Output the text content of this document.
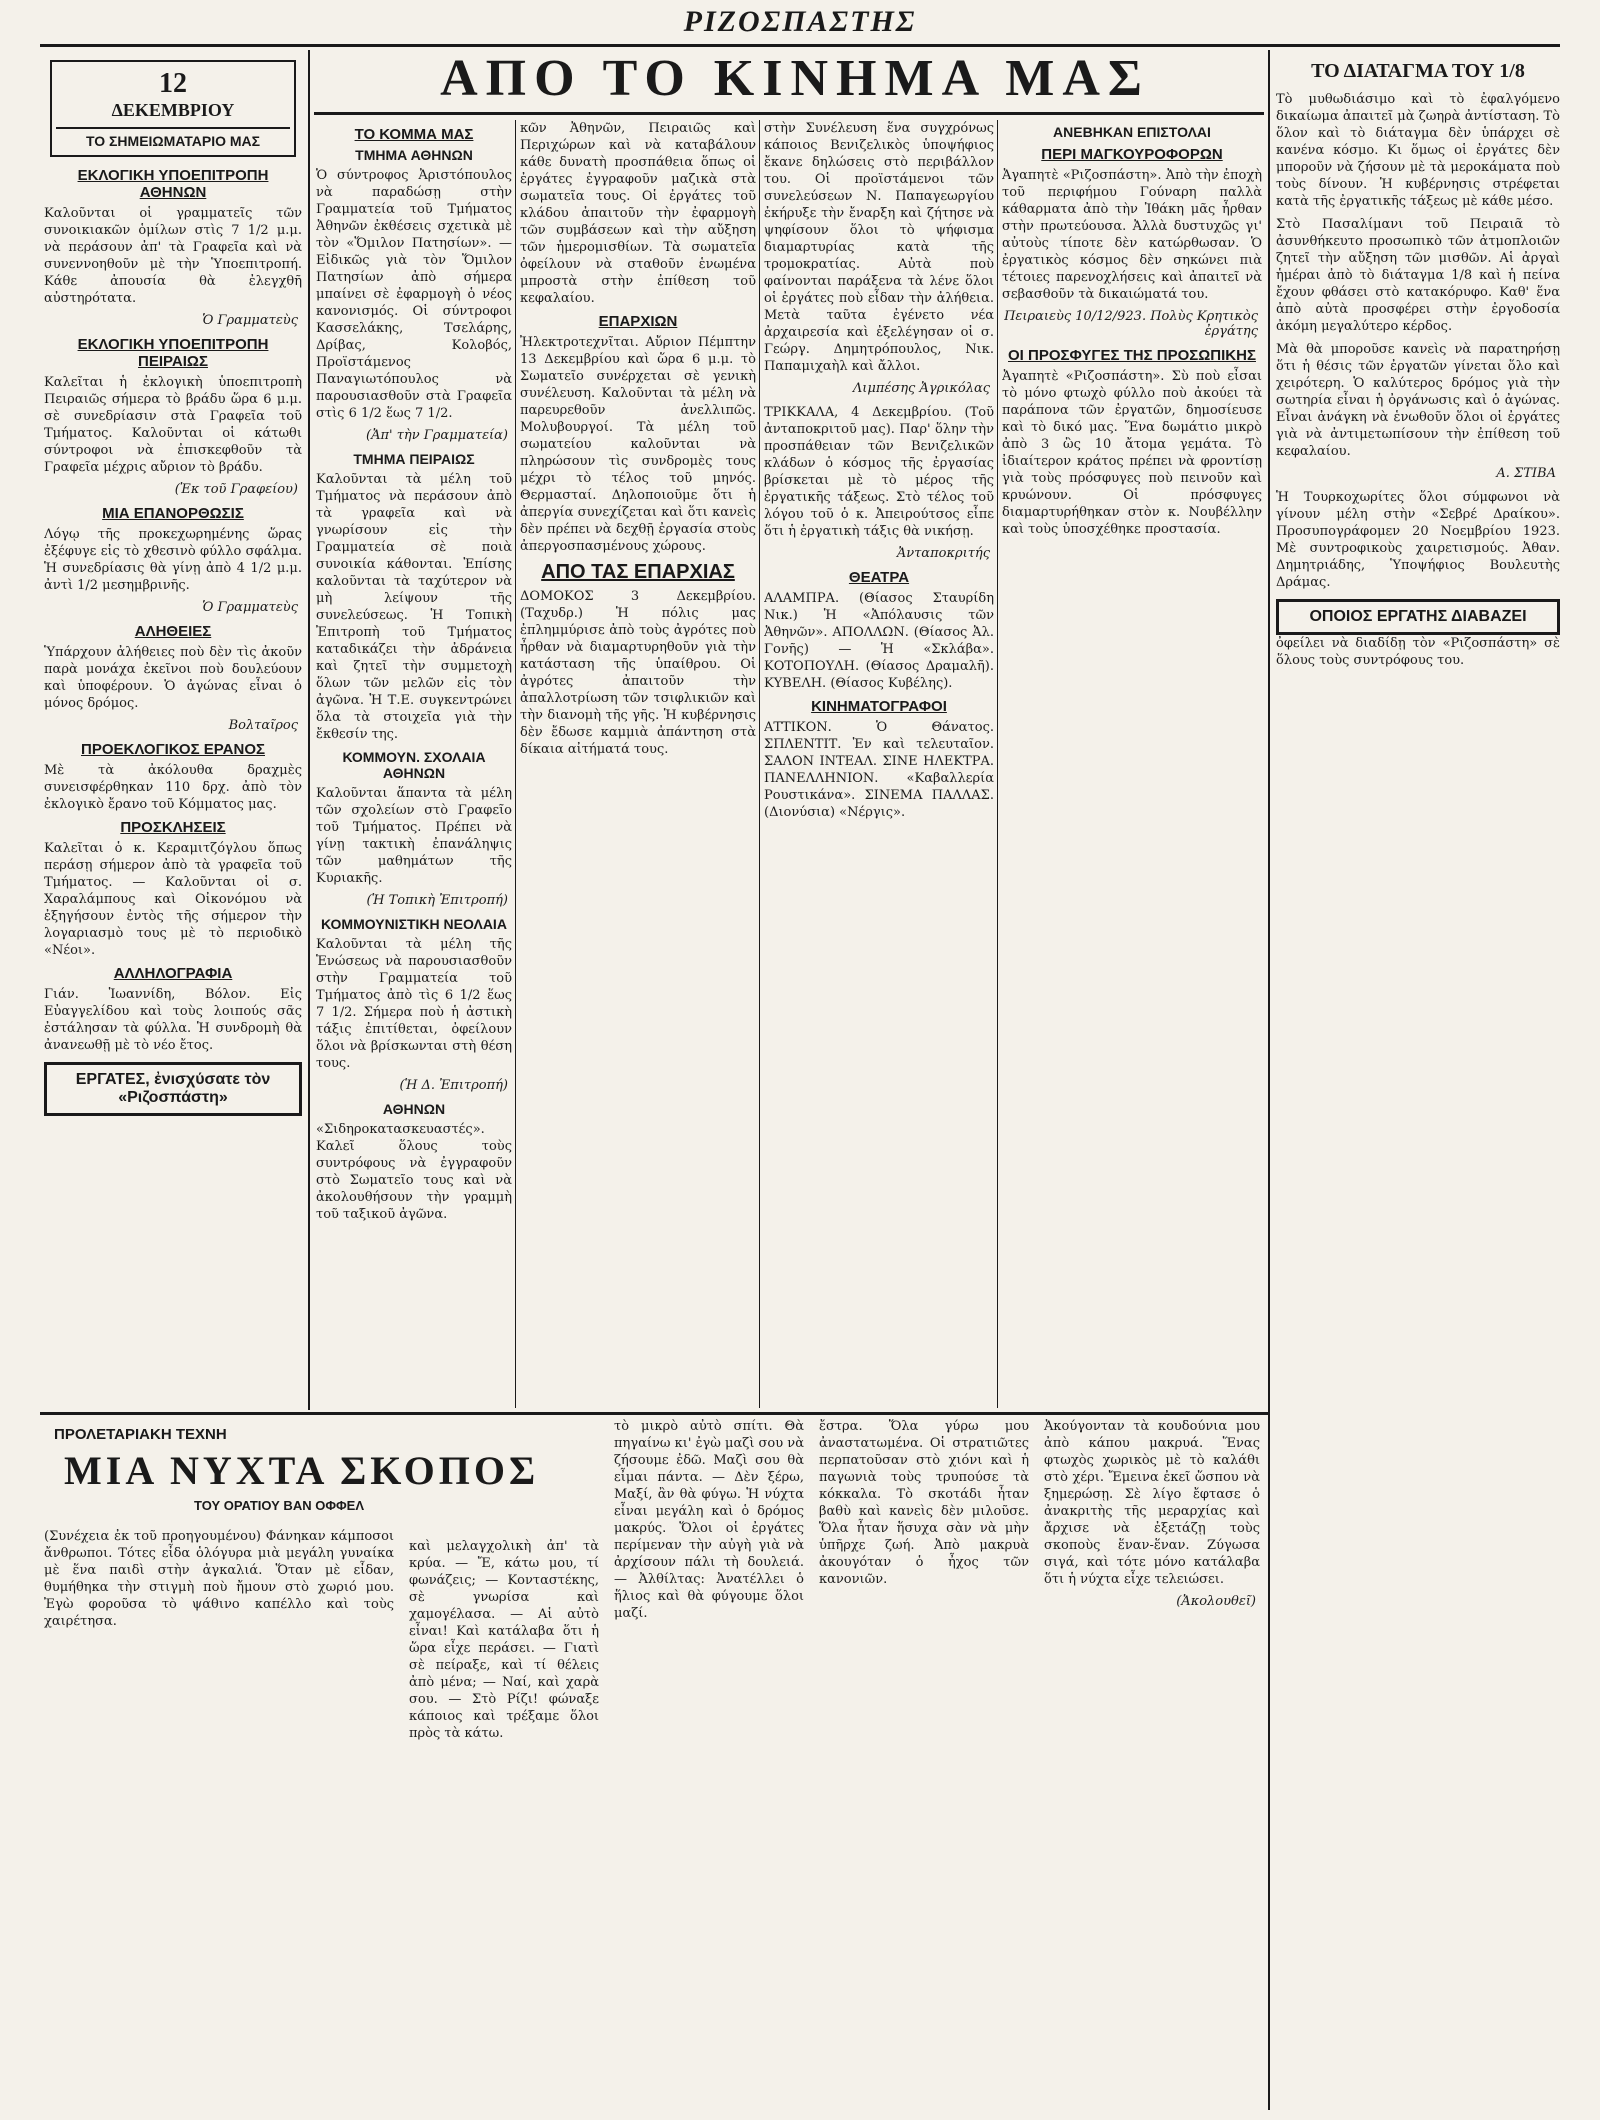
ΡΙΖΟΣΠΑΣΤΗΣ
12
ΔΕΚΕΜΒΡΙΟΥ
ΤΟ ΣΗΜΕΙΩΜΑΤΑΡΙΟ ΜΑΣ
ΕΚΛΟΓΙΚΗ ΥΠΟΕΠΙΤΡΟΠΗ ΑΘΗΝΩΝ

Καλοῦνται οἱ γραμματεῖς τῶν συνοικιακῶν ὁμίλων στὶς 7 1/2 μ.μ. νὰ περάσουν ἀπ' τὰ Γραφεῖα καὶ νὰ συνεννοηθοῦν μὲ τὴν Ὑποεπιτροπή. Κάθε ἀπουσία θὰ ἐλεγχθῆ αὐστηρότατα.

Ὁ Γραμματεὺς
ΕΚΛΟΓΙΚΗ ΥΠΟΕΠΙΤΡΟΠΗ ΠΕΙΡΑΙΩΣ

Καλεῖται ἡ ἐκλογικὴ ὑποεπιτροπὴ Πειραιῶς σήμερα τὸ βράδυ ὥρα 6 μ.μ. σὲ συνεδρίασιν στὰ Γραφεῖα τοῦ Τμήματος. Καλοῦνται οἱ κάτωθι σύντροφοι νὰ ἐπισκεφθοῦν τὰ Γραφεῖα μέχρις αὔριον τὸ βράδυ.

(Ἐκ τοῦ Γραφείου)
ΜΙΑ ΕΠΑΝΟΡΘΩΣΙΣ

Λόγῳ τῆς προκεχωρημένης ὥρας ἐξέφυγε εἰς τὸ χθεσινὸ φύλλο σφάλμα. Ἡ συνεδρίασις θὰ γίνῃ ἀπὸ 4 1/2 μ.μ. ἀντὶ 1/2 μεσημβρινῆς.

Ὁ Γραμματεὺς
ΑΛΗΘΕΙΕΣ

Ὑπάρχουν ἀλήθειες ποὺ δὲν τὶς ἀκοῦν παρὰ μονάχα ἐκεῖνοι ποὺ δουλεύουν καὶ ὑποφέρουν. Ὁ ἀγώνας εἶναι ὁ μόνος δρόμος.

Βολταῖρος
ΠΡΟΕΚΛΟΓΙΚΟΣ ΕΡΑΝΟΣ

Μὲ τὰ ἀκόλουθα δραχμὲς συνεισφέρθηκαν 110 δρχ. ἀπὸ τὸν ἐκλογικὸ ἔρανο τοῦ Κόμματος μας.

ΠΡΟΣΚΛΗΣΕΙΣ

Καλεῖται ὁ κ. Κεραμιτζόγλου ὅπως περάσῃ σήμερον ἀπὸ τὰ γραφεῖα τοῦ Τμήματος. — Καλοῦνται οἱ σ. Χαραλάμπους καὶ Οἰκονόμου νὰ ἐξηγήσουν ἐντὸς τῆς σήμερον τὴν λογαριασμὸ τους μὲ τὸ περιοδικὸ «Νέοι».

ΑΛΛΗΛΟΓΡΑΦΙΑ

Γιάν. Ἰωαννίδη, Βόλον. Εἰς Εὐαγγελίδου καὶ τοὺς λοιπούς σᾶς ἐστάλησαν τὰ φύλλα. Ἡ συνδρομὴ θὰ ἀνανεωθῇ μὲ τὸ νέο ἔτος.

ΕΡΓΑΤΕΣ, ἐνισχύσατε τὸν «Ριζοσπάστη»
ΑΠΟ ΤΟ ΚΙΝΗΜΑ ΜΑΣ
ΤΟ ΚΟΜΜΑ ΜΑΣ
ΤΜΗΜΑ ΑΘΗΝΩΝ

Ὁ σύντροφος Ἀριστόπουλος νὰ παραδώσῃ στὴν Γραμματεία τοῦ Τμήματος Ἀθηνῶν ἐκθέσεις σχετικὰ μὲ τὸν «Ὅμιλον Πατησίων». — Εἰδικῶς γιὰ τὸν Ὅμιλον Πατησίων ἀπὸ σήμερα μπαίνει σὲ ἐφαρμογὴ ὁ νέος κανονισμός. Οἱ σύντροφοι Κασσελάκης, Τσελάρης, Δρίβας, Κολοβός, Προϊστάμενος Παναγιωτόπουλος νὰ παρουσιασθοῦν στὰ Γραφεῖα στὶς 6 1/2 ἕως 7 1/2.

(Ἀπ' τὴν Γραμματεία)
ΤΜΗΜΑ ΠΕΙΡΑΙΩΣ

Καλοῦνται τὰ μέλη τοῦ Τμήματος νὰ περάσουν ἀπὸ τὰ γραφεῖα καὶ νὰ γνωρίσουν εἰς τὴν Γραμματεία σὲ ποιὰ συνοικία κάθονται. Ἐπίσης καλοῦνται τὰ ταχύτερον νὰ μὴ λείψουν τῆς συνελεύσεως. Ἡ Τοπικὴ Ἐπιτροπὴ τοῦ Τμήματος καταδικάζει τὴν ἀδράνεια καὶ ζητεῖ τὴν συμμετοχὴ ὅλων τῶν μελῶν εἰς τὸν ἀγῶνα. Ἡ Τ.Ε. συγκεντρώνει ὅλα τὰ στοιχεῖα γιὰ τὴν ἔκθεσίν της.

ΚΟΜΜΟΥΝ. ΣΧΟΛΑΙΑ ΑΘΗΝΩΝ

Καλοῦνται ἅπαντα τὰ μέλη τῶν σχολείων στὸ Γραφεῖο τοῦ Τμήματος. Πρέπει νὰ γίνῃ τακτικὴ ἐπανάληψις τῶν μαθημάτων τῆς Κυριακῆς.

(Ἡ Τοπικὴ Ἐπιτροπή)
ΚΟΜΜΟΥΝΙΣΤΙΚΗ ΝΕΟΛΑΙΑ

Καλοῦνται τὰ μέλη τῆς Ἑνώσεως νὰ παρουσιασθοῦν στὴν Γραμματεία τοῦ Τμήματος ἀπὸ τὶς 6 1/2 ἕως 7 1/2. Σήμερα ποὺ ἡ ἀστικὴ τάξις ἐπιτίθεται, ὀφείλουν ὅλοι νὰ βρίσκωνται στὴ θέση τους.

(Ἡ Δ. Ἐπιτροπή)
ΑΘΗΝΩΝ

«Σιδηροκατασκευαστές». Καλεῖ ὅλους τοὺς συντρόφους νὰ ἐγγραφοῦν στὸ Σωματεῖο τους καὶ νὰ ἀκολουθήσουν τὴν γραμμὴ τοῦ ταξικοῦ ἀγῶνα.

κῶν Ἀθηνῶν, Πειραιῶς καὶ Περιχώρων καὶ νὰ καταβάλουν κάθε δυνατὴ προσπάθεια ὅπως οἱ ἐργάτες ἐγγραφοῦν μαζικὰ στὰ σωματεῖα τους. Οἱ ἐργάτες τοῦ κλάδου ἀπαιτοῦν τὴν ἐφαρμογὴ τῶν συμβάσεων καὶ τὴν αὔξηση τῶν ἡμερομισθίων. Τὰ σωματεῖα ὀφείλουν νὰ σταθοῦν ἑνωμένα μπροστὰ στὴν ἐπίθεση τοῦ κεφαλαίου.

ΕΠΑΡΧΙΩΝ

Ἠλεκτροτεχνῖται. Αὔριον Πέμπτην 13 Δεκεμβρίου καὶ ὥρα 6 μ.μ. τὸ Σωματεῖο συνέρχεται σὲ γενικὴ συνέλευση. Καλοῦνται τὰ μέλη νὰ παρευρεθοῦν ἀνελλιπῶς. Μολυβουργοί. Τὰ μέλη τοῦ σωματείου καλοῦνται νὰ πληρώσουν τὶς συνδρομὲς τους μέχρι τὸ τέλος τοῦ μηνός. Θερμασταί. Δηλοποιοῦμε ὅτι ἡ ἀπεργία συνεχίζεται καὶ ὅτι κανεὶς δὲν πρέπει νὰ δεχθῇ ἐργασία στοὺς ἀπεργοσπασμένους χώρους.

ΑΠΟ ΤΑΣ ΕΠΑΡΧΙΑΣ

ΔΟΜΟΚΟΣ 3 Δεκεμβρίου. (Ταχυδρ.) Ἡ πόλις μας ἐπλημμύρισε ἀπὸ τοὺς ἀγρότες ποὺ ἦρθαν νὰ διαμαρτυρηθοῦν γιὰ τὴν κατάσταση τῆς ὑπαίθρου. Οἱ ἀγρότες ἀπαιτοῦν τὴν ἀπαλλοτρίωση τῶν τσιφλικιῶν καὶ τὴν διανομὴ τῆς γῆς. Ἡ κυβέρνησις δὲν ἔδωσε καμμιὰ ἀπάντηση στὰ δίκαια αἰτήματά τους.

στὴν Συνέλευση ἕνα συγχρόνως κάποιος Βενιζελικὸς ὑποψήφιος ἔκανε δηλώσεις στὸ περιβάλλον του. Οἱ προϊστάμενοι τῶν συνελεύσεων Ν. Παπαγεωργίου ἐκήρυξε τὴν ἔναρξη καὶ ζήτησε νὰ ψηφίσουν ὅλοι τὸ ψήφισμα διαμαρτυρίας κατὰ τῆς τρομοκρατίας. Αὐτὰ ποὺ φαίνονται παράξενα τὰ λένε ὅλοι οἱ ἐργάτες ποὺ εἶδαν τὴν ἀλήθεια. Μετὰ ταῦτα ἐγένετο νέα ἀρχαιρεσία καὶ ἐξελέγησαν οἱ σ. Γεώργ. Δημητρόπουλος, Νικ. Παπαμιχαὴλ καὶ ἄλλοι.

Λιμπέσης Ἀγρικόλας

ΤΡΙΚΚΑΛΑ, 4 Δεκεμβρίου. (Τοῦ ἀνταποκριτοῦ μας). Παρ' ὅλην τὴν προσπάθειαν τῶν Βενιζελικῶν κλάδων ὁ κόσμος τῆς ἐργασίας βρίσκεται μὲ τὸ μέρος τῆς ἐργατικῆς τάξεως. Στὸ τέλος τοῦ λόγου τοῦ ὁ κ. Ἀπειρούτσος εἶπε ὅτι ἡ ἐργατικὴ τάξις θὰ νικήσῃ.

Ἀνταποκριτής
ΘΕΑΤΡΑ

ΑΛΑΜΠΡΑ. (Θίασος Σταυρίδη Νικ.) Ἡ «Ἀπόλαυσις τῶν Ἀθηνῶν». ΑΠΟΛΛΩΝ. (Θίασος Ἀλ. Γονῆς) — Ἡ «Σκλάβα». ΚΟΤΟΠΟΥΛΗ. (Θίασος Δραμαλῆ). ΚΥΒΕΛΗ. (Θίασος Κυβέλης).

ΚΙΝΗΜΑΤΟΓΡΑΦΟΙ

ΑΤΤΙΚΟΝ. Ὁ Θάνατος. ΣΠΛΕΝΤΙΤ. Ἐν καὶ τελευταῖον. ΣΑΛΟΝ ΙΝΤΕΑΛ. ΣΙΝΕ ΗΛΕΚΤΡΑ. ΠΑΝΕΛΛΗΝΙΟΝ. «Καβαλλερία Ρουστικάνα». ΣΙΝΕΜΑ ΠΑΛΛΑΣ. (Διονύσια) «Νέργις».

ΑΝΕΒΗΚΑΝ ΕΠΙΣΤΟΛΑΙ
ΠΕΡΙ ΜΑΓΚΟΥΡΟΦΟΡΩΝ

Ἀγαπητὲ «Ριζοσπάστη». Ἀπὸ τὴν ἐποχὴ τοῦ περιφήμου Γούναρη παλλὰ κάθαρματα ἀπὸ τὴν Ἰθάκη μᾶς ἦρθαν στὴν πρωτεύουσα. Ἀλλὰ δυστυχῶς γι' αὐτοὺς τίποτε δὲν κατώρθωσαν. Ὁ ἐργατικὸς κόσμος δὲν σηκώνει πιὰ τέτοιες παρενοχλήσεις καὶ ἀπαιτεῖ νὰ σεβασθοῦν τὰ δικαιώματά του.

Πειραιεὺς 10/12/923. Πολὺς Κρητικὸς ἐργάτης
ΟΙ ΠΡΟΣΦΥΓΕΣ ΤΗΣ ΠΡΟΣΩΠΙΚΗΣ

Ἀγαπητὲ «Ριζοσπάστη». Σὺ ποὺ εἶσαι τὸ μόνο φτωχὸ φύλλο ποὺ ἀκούει τὰ παράπονα τῶν ἐργατῶν, δημοσίευσε καὶ τὸ δικό μας. Ἕνα δωμάτιο μικρὸ ἀπὸ 3 ὣς 10 ἄτομα γεμάτα. Τὸ ἰδιαίτερον κράτος πρέπει νὰ φροντίσῃ γιὰ τοὺς πρόσφυγες ποὺ πεινοῦν καὶ κρυώνουν. Οἱ πρόσφυγες διαμαρτυρήθηκαν στὸν κ. Νουβέλλην καὶ τοὺς ὑποσχέθηκε προστασία.

ΤΟ ΔΙΑΤΑΓΜΑ ΤΟΥ 1/8

Τὸ μυθωδιάσιμο καὶ τὸ ἐφαλγόμενο δικαίωμα ἀπαιτεῖ μὰ ζωηρὰ ἀντίσταση. Τὸ ὅλον καὶ τὸ διάταγμα δὲν ὑπάρχει σὲ κανένα κόσμο. Κι ὅμως οἱ ἐργάτες δὲν μποροῦν νὰ ζήσουν μὲ τὰ μεροκάματα ποὺ τοὺς δίνουν. Ἡ κυβέρνησις στρέφεται κατὰ τῆς ἐργατικῆς τάξεως μὲ κάθε μέσο.

Στὸ Πασαλίμανι τοῦ Πειραιᾶ τὸ ἀσυνθήκευτο προσωπικὸ τῶν ἀτμοπλοιῶν ζητεῖ τὴν αὔξηση τῶν μισθῶν. Αἱ ἀργαὶ ἡμέραι ἀπὸ τὸ διάταγμα 1/8 καὶ ἡ πείνα ἔχουν φθάσει στὸ κατακόρυφο. Καθ' ἕνα ἀπὸ αὐτὰ προσφέρει στὴν ἐργοδοσία ἀκόμη μεγαλύτερο κέρδος.

Μὰ θὰ μποροῦσε κανεὶς νὰ παρατηρήσῃ ὅτι ἡ θέσις τῶν ἐργατῶν γίνεται ὅλο καὶ χειρότερη. Ὁ καλύτερος δρόμος γιὰ τὴν σωτηρία εἶναι ἡ ὀργάνωσις καὶ ὁ ἀγώνας. Εἶναι ἀνάγκη νὰ ἑνωθοῦν ὅλοι οἱ ἐργάτες γιὰ νὰ ἀντιμετωπίσουν τὴν ἐπίθεση τοῦ κεφαλαίου.

Α. ΣΤΙΒΑ

Ἡ Τουρκοχωρίτες ὅλοι σύμφωνοι νὰ γίνουν μέλη στὴν «Σεβρέ Δραίκου». Προσυπογράφομεν 20 Νοεμβρίου 1923. Μὲ συντροφικοὺς χαιρετισμούς. Ἀθαν. Δημητριάδης, Ὑποψήφιος Βουλευτὴς Δράμας.

ΟΠΟΙΟΣ ΕΡΓΑΤΗΣ ΔΙΑΒΑΖΕΙ

ὀφείλει νὰ διαδίδῃ τὸν «Ριζοσπάστη» σὲ ὅλους τοὺς συντρόφους του.

ΠΡΟΛΕΤΑΡΙΑΚΗ ΤΕΧΝΗ
ΜΙΑ ΝΥΧΤΑ ΣΚΟΠΟΣ
ΤΟΥ ΟΡΑΤΙΟΥ ΒΑΝ ΟΦΦΕΛ

(Συνέχεια ἐκ τοῦ προηγουμένου) Φάνηκαν κάμποσοι ἄνθρωποι. Τότες εἶδα ὁλόγυρα μιὰ μεγάλη γυναίκα μὲ ἕνα παιδὶ στὴν ἀγκαλιά. Ὅταν μὲ εἶδαν, θυμήθηκα τὴν στιγμὴ ποὺ ἤμουν στὸ χωριό μου. Ἐγὼ φοροῦσα τὸ ψάθινο καπέλλο καὶ τοὺς χαιρέτησα.

καὶ μελαγχολικὴ ἀπ' τὰ κρύα. — Ἔ, κάτω μου, τί φωνάζεις; — Κονταστέκης, σὲ γνωρίσα καὶ χαμογέλασα. — Αἱ αὐτὸ εἶναι! Καὶ κατάλαβα ὅτι ἡ ὥρα εἶχε περάσει. — Γιατὶ σὲ πείραξε, καὶ τί θέλεις ἀπὸ μένα; — Ναί, καὶ χαρὰ σου. — Στὸ Ρίζι! φώναξε κάποιος καὶ τρέξαμε ὅλοι πρὸς τὰ κάτω.

τὸ μικρὸ αὐτὸ σπίτι. Θὰ πηγαίνω κι' ἐγὼ μαζὶ σου νὰ ζήσουμε ἐδῶ. Μαζὶ σου θὰ εἶμαι πάντα. — Δὲν ξέρω, Μαξί, ἂν θὰ φύγω. Ἡ νύχτα εἶναι μεγάλη καὶ ὁ δρόμος μακρύς. Ὅλοι οἱ ἐργάτες περίμεναν τὴν αὐγὴ γιὰ νὰ ἀρχίσουν πάλι τὴ δουλειά. — Ἀλθίλτας: Ἀνατέλλει ὁ ἥλιος καὶ θὰ φύγουμε ὅλοι μαζί.

ἔστρα. Ὅλα γύρω μου ἀναστατωμένα. Οἱ στρατιῶτες περπατοῦσαν στὸ χιόνι καὶ ἡ παγωνιὰ τοὺς τρυπούσε τὰ κόκκαλα. Τὸ σκοτάδι ἦταν βαθὺ καὶ κανεὶς δὲν μιλοῦσε. Ὅλα ἦταν ἥσυχα σὰν νὰ μὴν ὑπῆρχε ζωή. Ἀπὸ μακρυὰ ἀκουγόταν ὁ ἦχος τῶν κανονιῶν.

Ἀκούγονταν τὰ κουδούνια μου ἀπὸ κάπου μακρυά. Ἕνας φτωχὸς χωρικὸς μὲ τὸ καλάθι στὸ χέρι. Ἔμεινα ἐκεῖ ὥσπου νὰ ξημερώσῃ. Σὲ λίγο ἔφτασε ὁ ἀνακριτὴς τῆς μεραρχίας καὶ ἄρχισε νὰ ἐξετάζῃ τοὺς σκοποὺς ἕναν-ἕναν. Ζύγωσα σιγά, καὶ τότε μόνο κατάλαβα ὅτι ἡ νύχτα εἶχε τελειώσει.

(Ἀκολουθεῖ)
